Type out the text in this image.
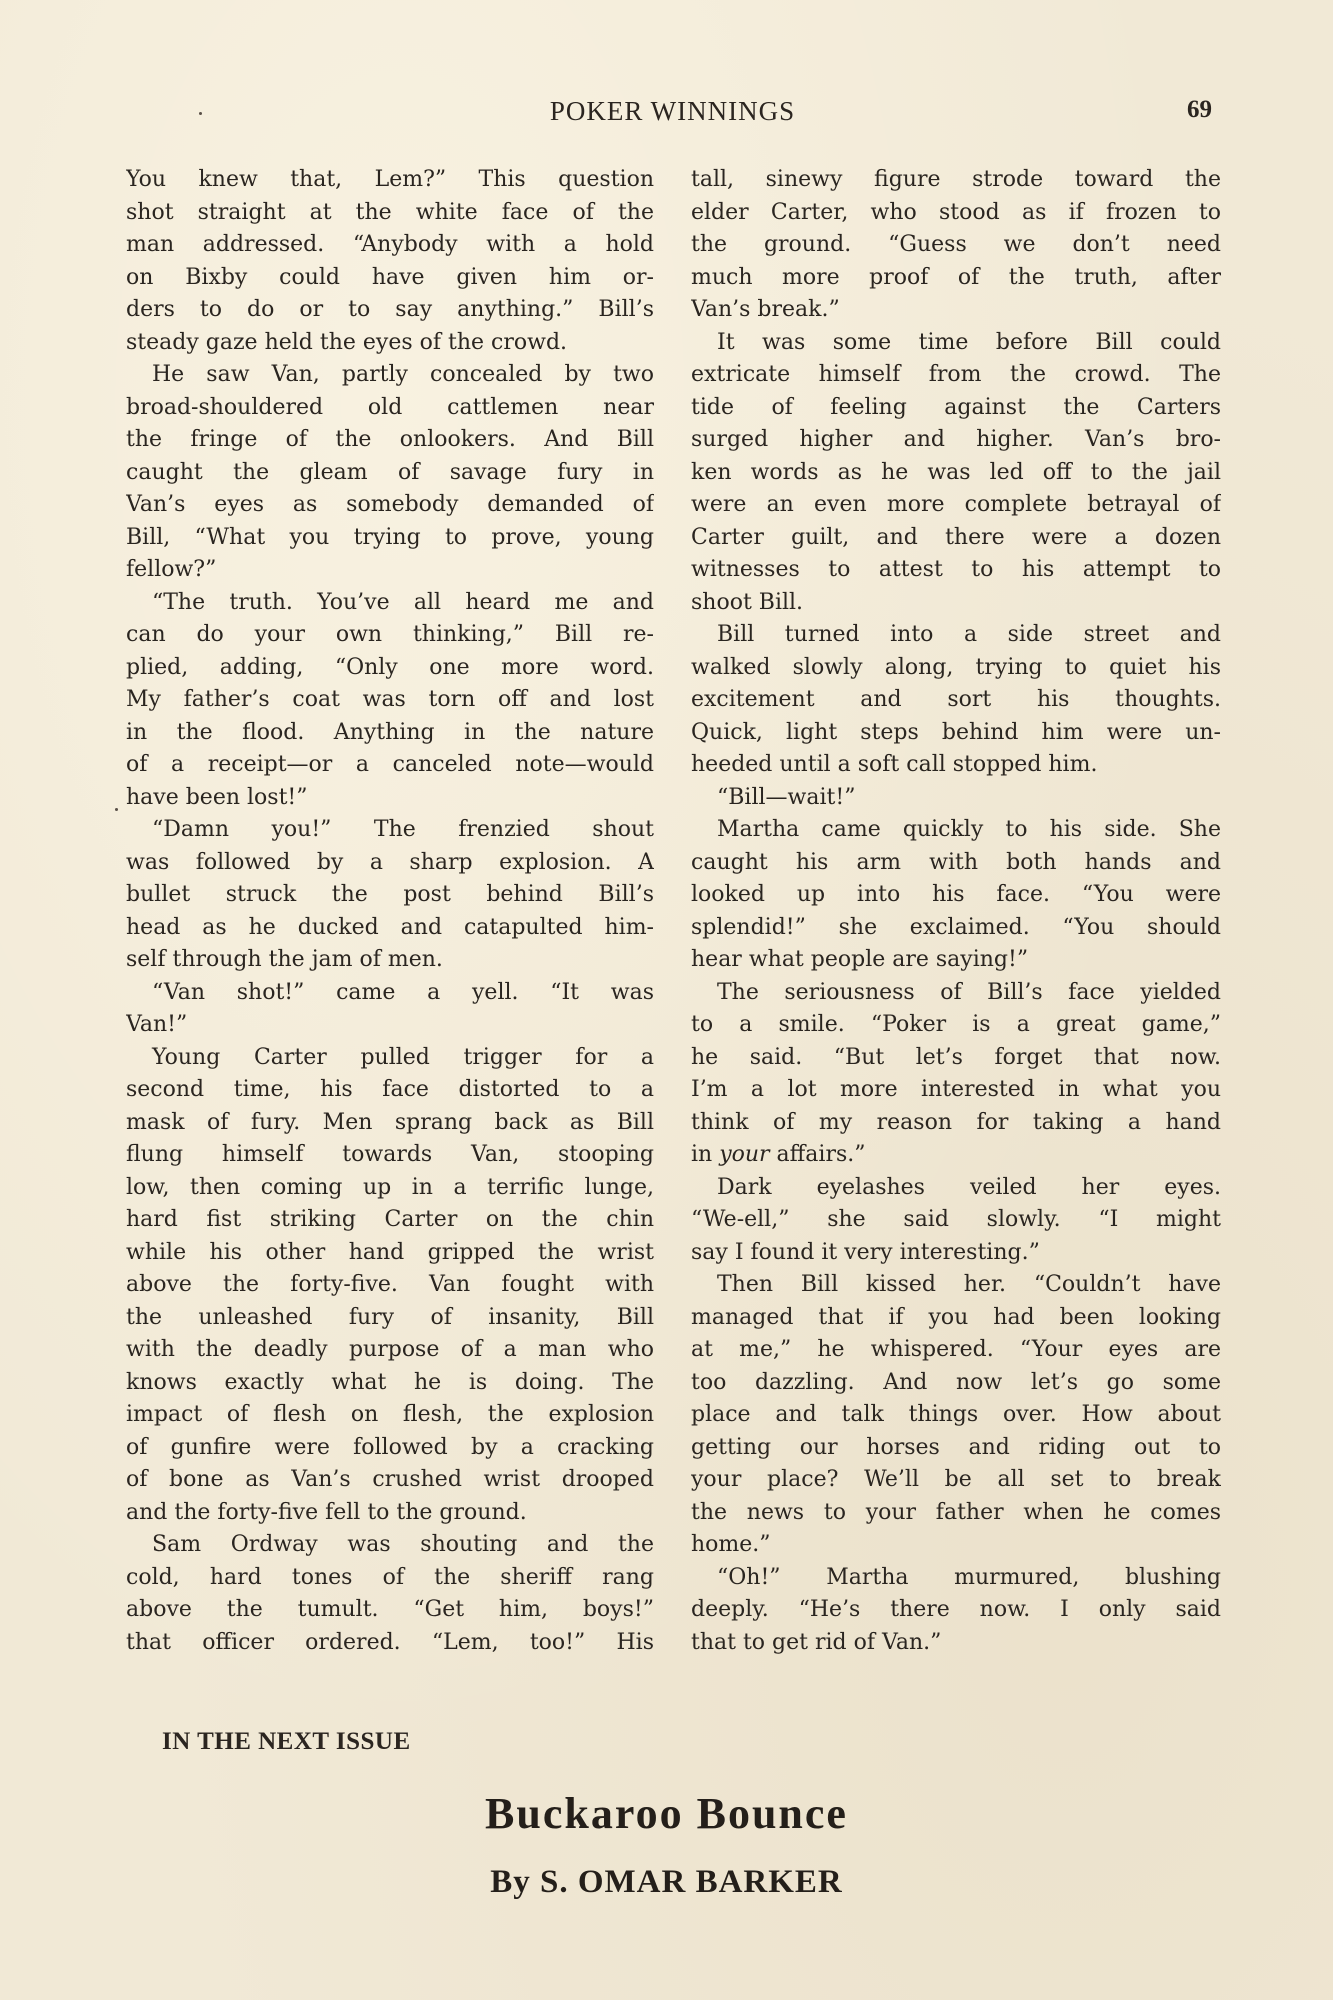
POKER WINNINGS	69
You knew that, Lem?” This question
shot straight at the white face of the
man addressed. “Anybody with a hold
on Bixby could have given him or-
ders to do or to say anything.” Bill’s
steady gaze held the eyes of the crowd.
He saw Van, partly concealed by two
broad-shouldered old cattlemen near
the fringe of the onlookers. And Bill
caught the gleam of savage fury in
Van’s eyes as somebody demanded of
Bill, “What you trying to prove, young
fellow?”
“The truth. You’ve all heard me and
can do your own thinking,” Bill re-
plied, adding, “Only one more word.
My father’s coat was torn off and lost
in the flood. Anything in the nature
of a receipt—or a canceled note—would
have been lost!”
“Damn you!” The frenzied shout
was followed by a sharp explosion. A
bullet struck the post behind Bill’s
head as he ducked and catapulted him-
self through the jam of men.
“Van shot!” came a yell. “It was
Van!”
Young Carter pulled trigger for a
second time, his face distorted to a
mask of fury. Men sprang back as Bill
flung himself towards Van, stooping
low, then coming up in a terrific lunge,
hard fist striking Carter on the chin
while his other hand gripped the wrist
above the forty-five. Van fought with
the unleashed fury of insanity, Bill
with the deadly purpose of a man who
knows exactly what he is doing. The
impact of flesh on flesh, the explosion
of gunfire were followed by a cracking
of bone as Van’s crushed wrist drooped
and the forty-five fell to the ground.
Sam Ordway was shouting and the
cold, hard tones of the sheriff rang
above the tumult. “Get him, boys!”
that officer ordered. “Lem, too!” His
tall, sinewy figure strode toward the
elder Carter, who stood as if frozen to
the ground. “Guess we don’t need
much more proof of the truth, after
Van’s break.”
It was some time before Bill could
extricate himself from the crowd. The
tide of feeling against the Carters
surged higher and higher. Van’s bro-
ken words as he was led off to the jail
were an even more complete betrayal of
Carter guilt, and there were a dozen
witnesses to attest to his attempt to
shoot Bill.
Bill turned into a side street and
walked slowly along, trying to quiet his
excitement and sort his thoughts.
Quick, light steps behind him were un-
heeded until a soft call stopped him.
“Bill—wait!”
Martha came quickly to his side. She
caught his arm with both hands and
looked up into his face. “You were
splendid!” she exclaimed. “You should
hear what people are saying!”
The seriousness of Bill’s face yielded
to a smile. “Poker is a great game,”
he said. “But let’s forget that now.
I’m a lot more interested in what you
think of my reason for taking a hand
in your affairs.”
Dark eyelashes veiled her eyes.
“We-ell,” she said slowly. “I might
say I found it very interesting.”
Then Bill kissed her. “Couldn’t have
managed that if you had been looking
at me,” he whispered. “Your eyes are
too dazzling. And now let’s go some
place and talk things over. How about
getting our horses and riding out to
your place? We’ll be all set to break
the news to your father when he comes
home.”
“Oh!” Martha murmured, blushing
deeply. “He’s there now. I only said
that to get rid of Van.”
IN THE NEXT ISSUE
Buckaroo Bounce
By S. OMAR BARKER
